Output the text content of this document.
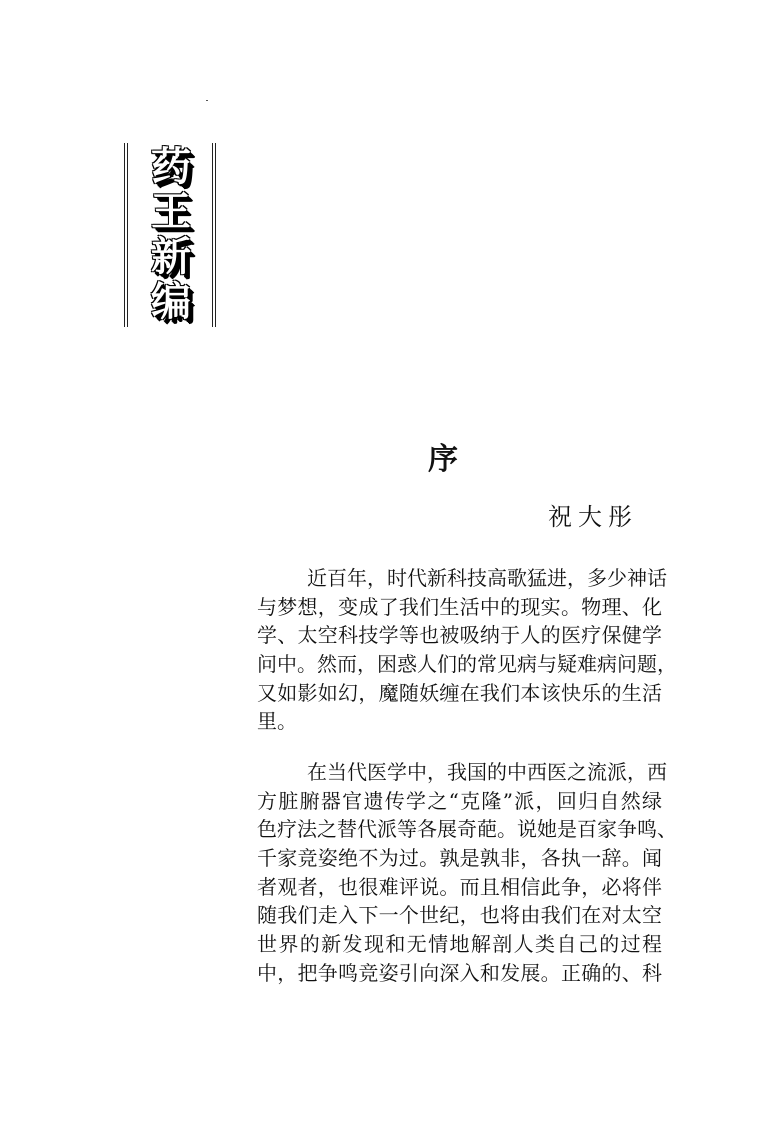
药
王
新
编
序
祝大彤
近百年，时代新科技高歌猛进，多少神话
与梦想，变成了我们生活中的现实。物理、化
学、太空科技学等也被吸纳于人的医疗保健学
问中。然而，困惑人们的常见病与疑难病问题，
又如影如幻，魔随妖缠在我们本该快乐的生活
里。
在当代医学中，我国的中西医之流派，西
方脏腑器官遗传学之“克隆”派，回归自然绿
色疗法之替代派等各展奇葩。说她是百家争鸣、
千家竞姿绝不为过。孰是孰非，各执一辞。闻
者观者，也很难评说。而且相信此争，必将伴
随我们走入下一个世纪，也将由我们在对太空
世界的新发现和无情地解剖人类自己的过程
中，把争鸣竞姿引向深入和发展。正确的、科
